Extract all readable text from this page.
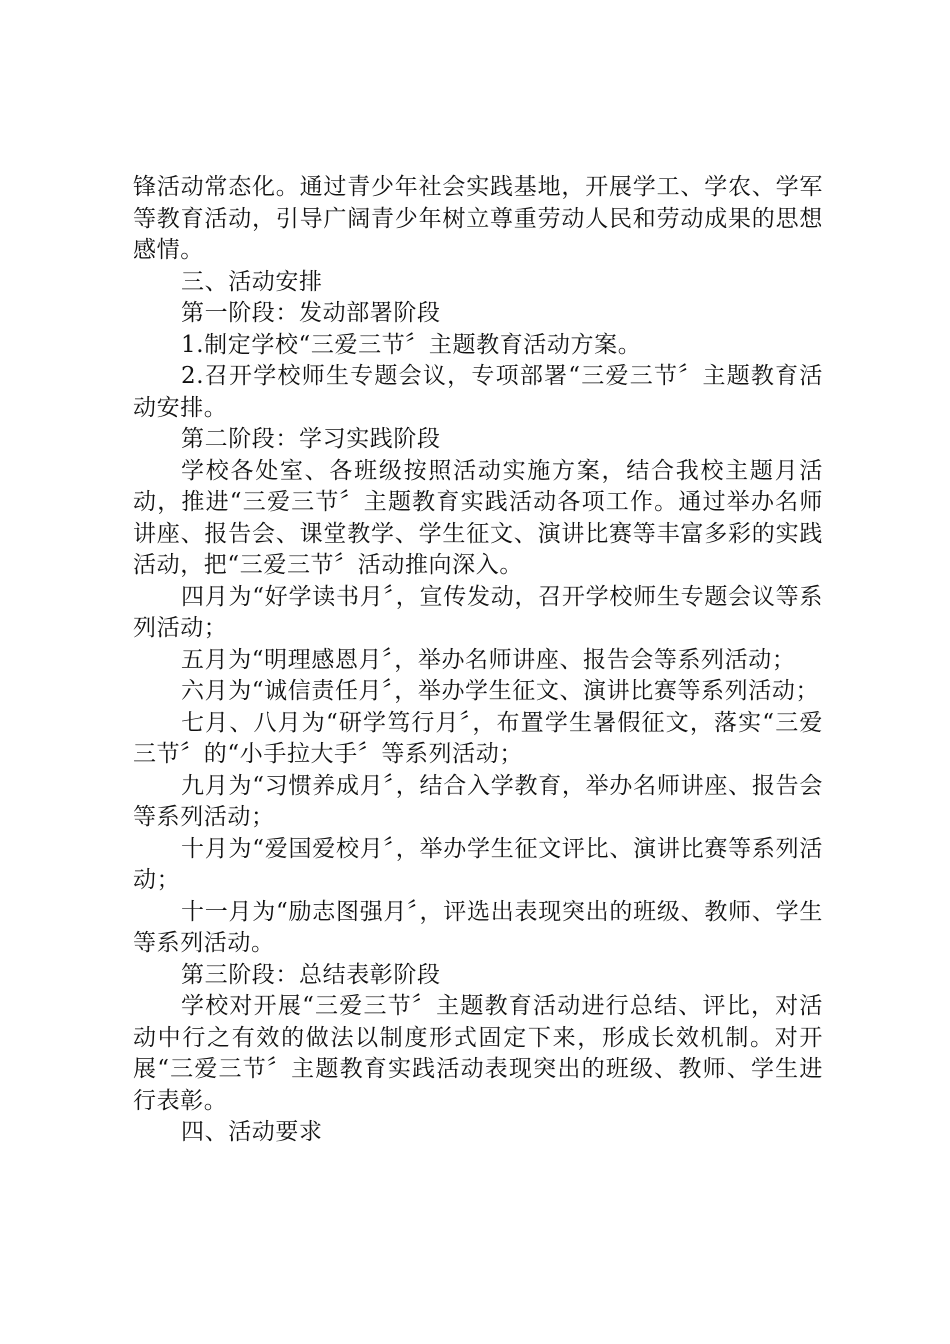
锋活动常态化。通过青少年社会实践基地，开展学工、学农、学军等教育活动，引导广阔青少年树立尊重劳动人民和劳动成果的思想感情。

三、活动安排

第一阶段：发动部署阶段

1.制定学校“三爱三节〞主题教育活动方案。

2.召开学校师生专题会议，专项部署“三爱三节〞主题教育活动安排。

第二阶段：学习实践阶段

学校各处室、各班级按照活动实施方案，结合我校主题月活动，推进“三爱三节〞主题教育实践活动各项工作。通过举办名师讲座、报告会、课堂教学、学生征文、演讲比赛等丰富多彩的实践活动，把“三爱三节〞活动推向深入。

四月为“好学读书月〞，宣传发动，召开学校师生专题会议等系列活动；

五月为“明理感恩月〞，举办名师讲座、报告会等系列活动；

六月为“诚信责任月〞，举办学生征文、演讲比赛等系列活动；

七月、八月为“研学笃行月〞，布置学生暑假征文，落实“三爱三节〞的“小手拉大手〞等系列活动；

九月为“习惯养成月〞，结合入学教育，举办名师讲座、报告会等系列活动；

十月为“爱国爱校月〞，举办学生征文评比、演讲比赛等系列活动；

十一月为“励志图强月〞，评选出表现突出的班级、教师、学生等系列活动。

第三阶段：总结表彰阶段

学校对开展“三爱三节〞主题教育活动进行总结、评比，对活动中行之有效的做法以制度形式固定下来，形成长效机制。对开展“三爱三节〞主题教育实践活动表现突出的班级、教师、学生进行表彰。

四、活动要求
